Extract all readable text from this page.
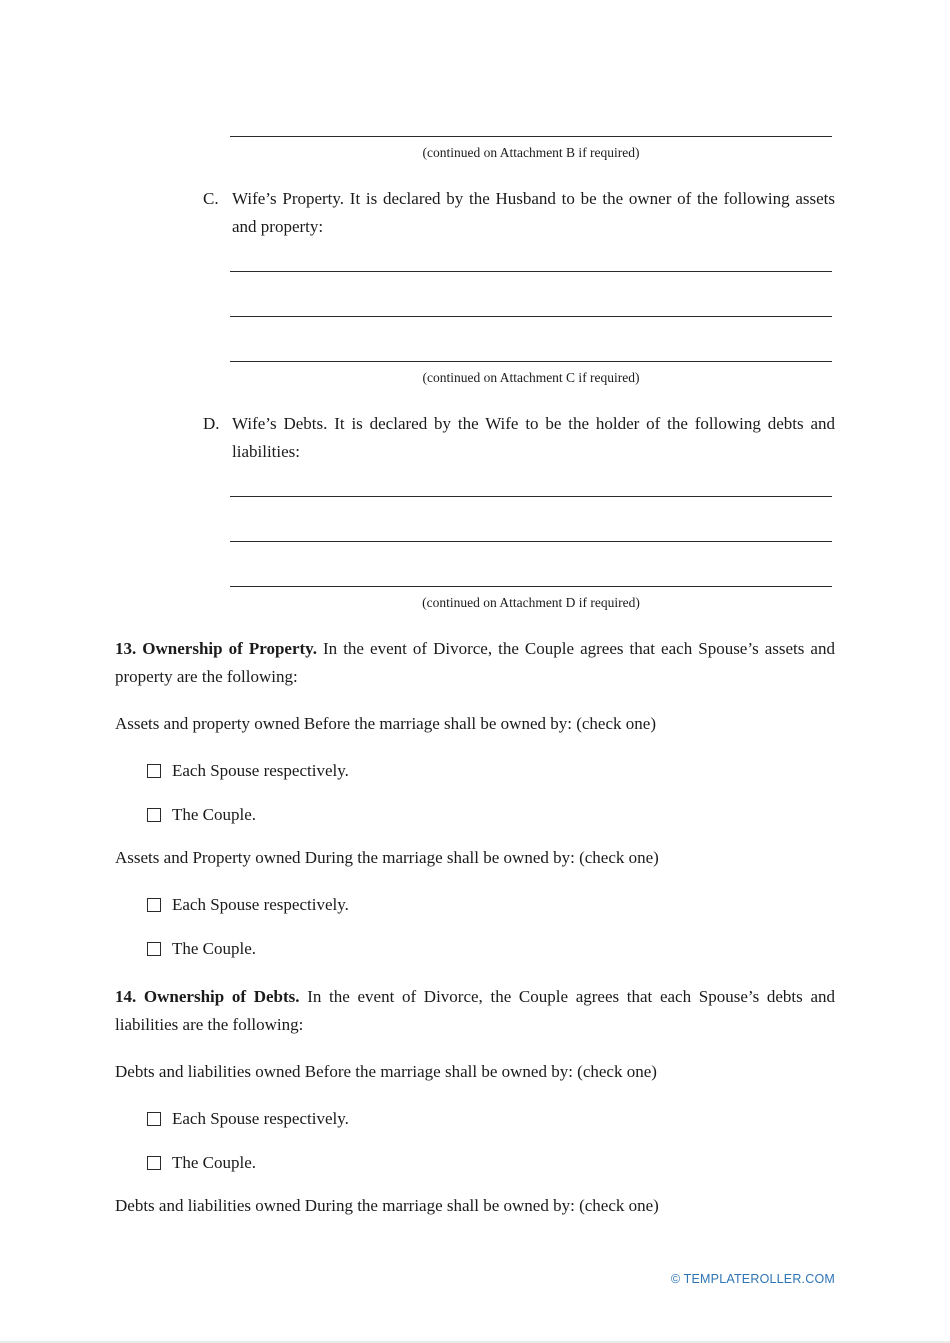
(continued on Attachment B if required)
C. Wife’s Property. It is declared by the Husband to be the owner of the following assets and property:
(continued on Attachment C if required)
D. Wife’s Debts. It is declared by the Wife to be the holder of the following debts and liabilities:
(continued on Attachment D if required)

13. Ownership of Property. In the event of Divorce, the Couple agrees that each Spouse’s assets and property are the following:

Assets and property owned Before the marriage shall be owned by: (check one)

Each Spouse respectively.
The Couple.

Assets and Property owned During the marriage shall be owned by: (check one)

Each Spouse respectively.
The Couple.

14. Ownership of Debts. In the event of Divorce, the Couple agrees that each Spouse’s debts and liabilities are the following:

Debts and liabilities owned Before the marriage shall be owned by: (check one)

Each Spouse respectively.
The Couple.

Debts and liabilities owned During the marriage shall be owned by: (check one)

© TEMPLATEROLLER.COM
